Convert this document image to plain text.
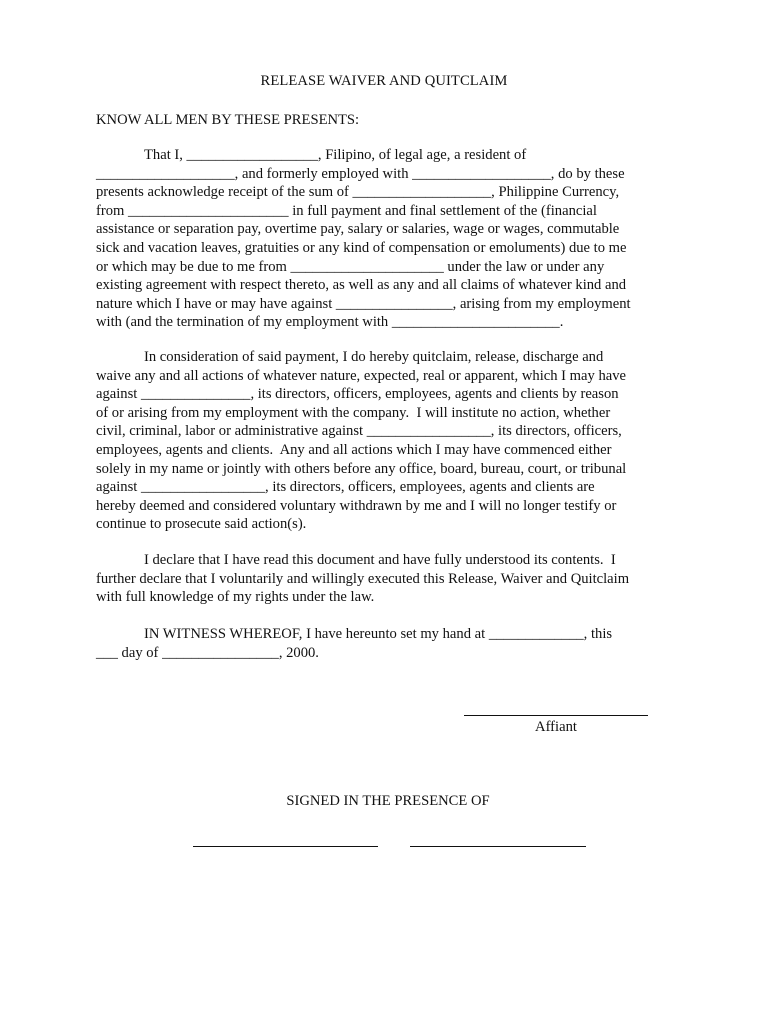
RELEASE WAIVER AND QUITCLAIM
KNOW ALL MEN BY THESE PRESENTS:
That I, __________________, Filipino, of legal age, a resident of
___________________, and formerly employed with ___________________, do by these
presents acknowledge receipt of the sum of ___________________, Philippine Currency,
from ______________________ in full payment and final settlement of the (financial
assistance or separation pay, overtime pay, salary or salaries, wage or wages, commutable
sick and vacation leaves, gratuities or any kind of compensation or emoluments) due to me
or which may be due to me from _____________________ under the law or under any
existing agreement with respect thereto, as well as any and all claims of whatever kind and
nature which I have or may have against ________________, arising from my employment
with (and the termination of my employment with _______________________.
In consideration of said payment, I do hereby quitclaim, release, discharge and
waive any and all actions of whatever nature, expected, real or apparent, which I may have
against _______________, its directors, officers, employees, agents and clients by reason
of or arising from my employment with the company.  I will institute no action, whether
civil, criminal, labor or administrative against _________________, its directors, officers,
employees, agents and clients.  Any and all actions which I may have commenced either
solely in my name or jointly with others before any office, board, bureau, court, or tribunal
against _________________, its directors, officers, employees, agents and clients are
hereby deemed and considered voluntary withdrawn by me and I will no longer testify or
continue to prosecute said action(s).
I declare that I have read this document and have fully understood its contents.  I
further declare that I voluntarily and willingly executed this Release, Waiver and Quitclaim
with full knowledge of my rights under the law.
IN WITNESS WHEREOF, I have hereunto set my hand at _____________, this
___ day of ________________, 2000.
Affiant
SIGNED IN THE PRESENCE OF
